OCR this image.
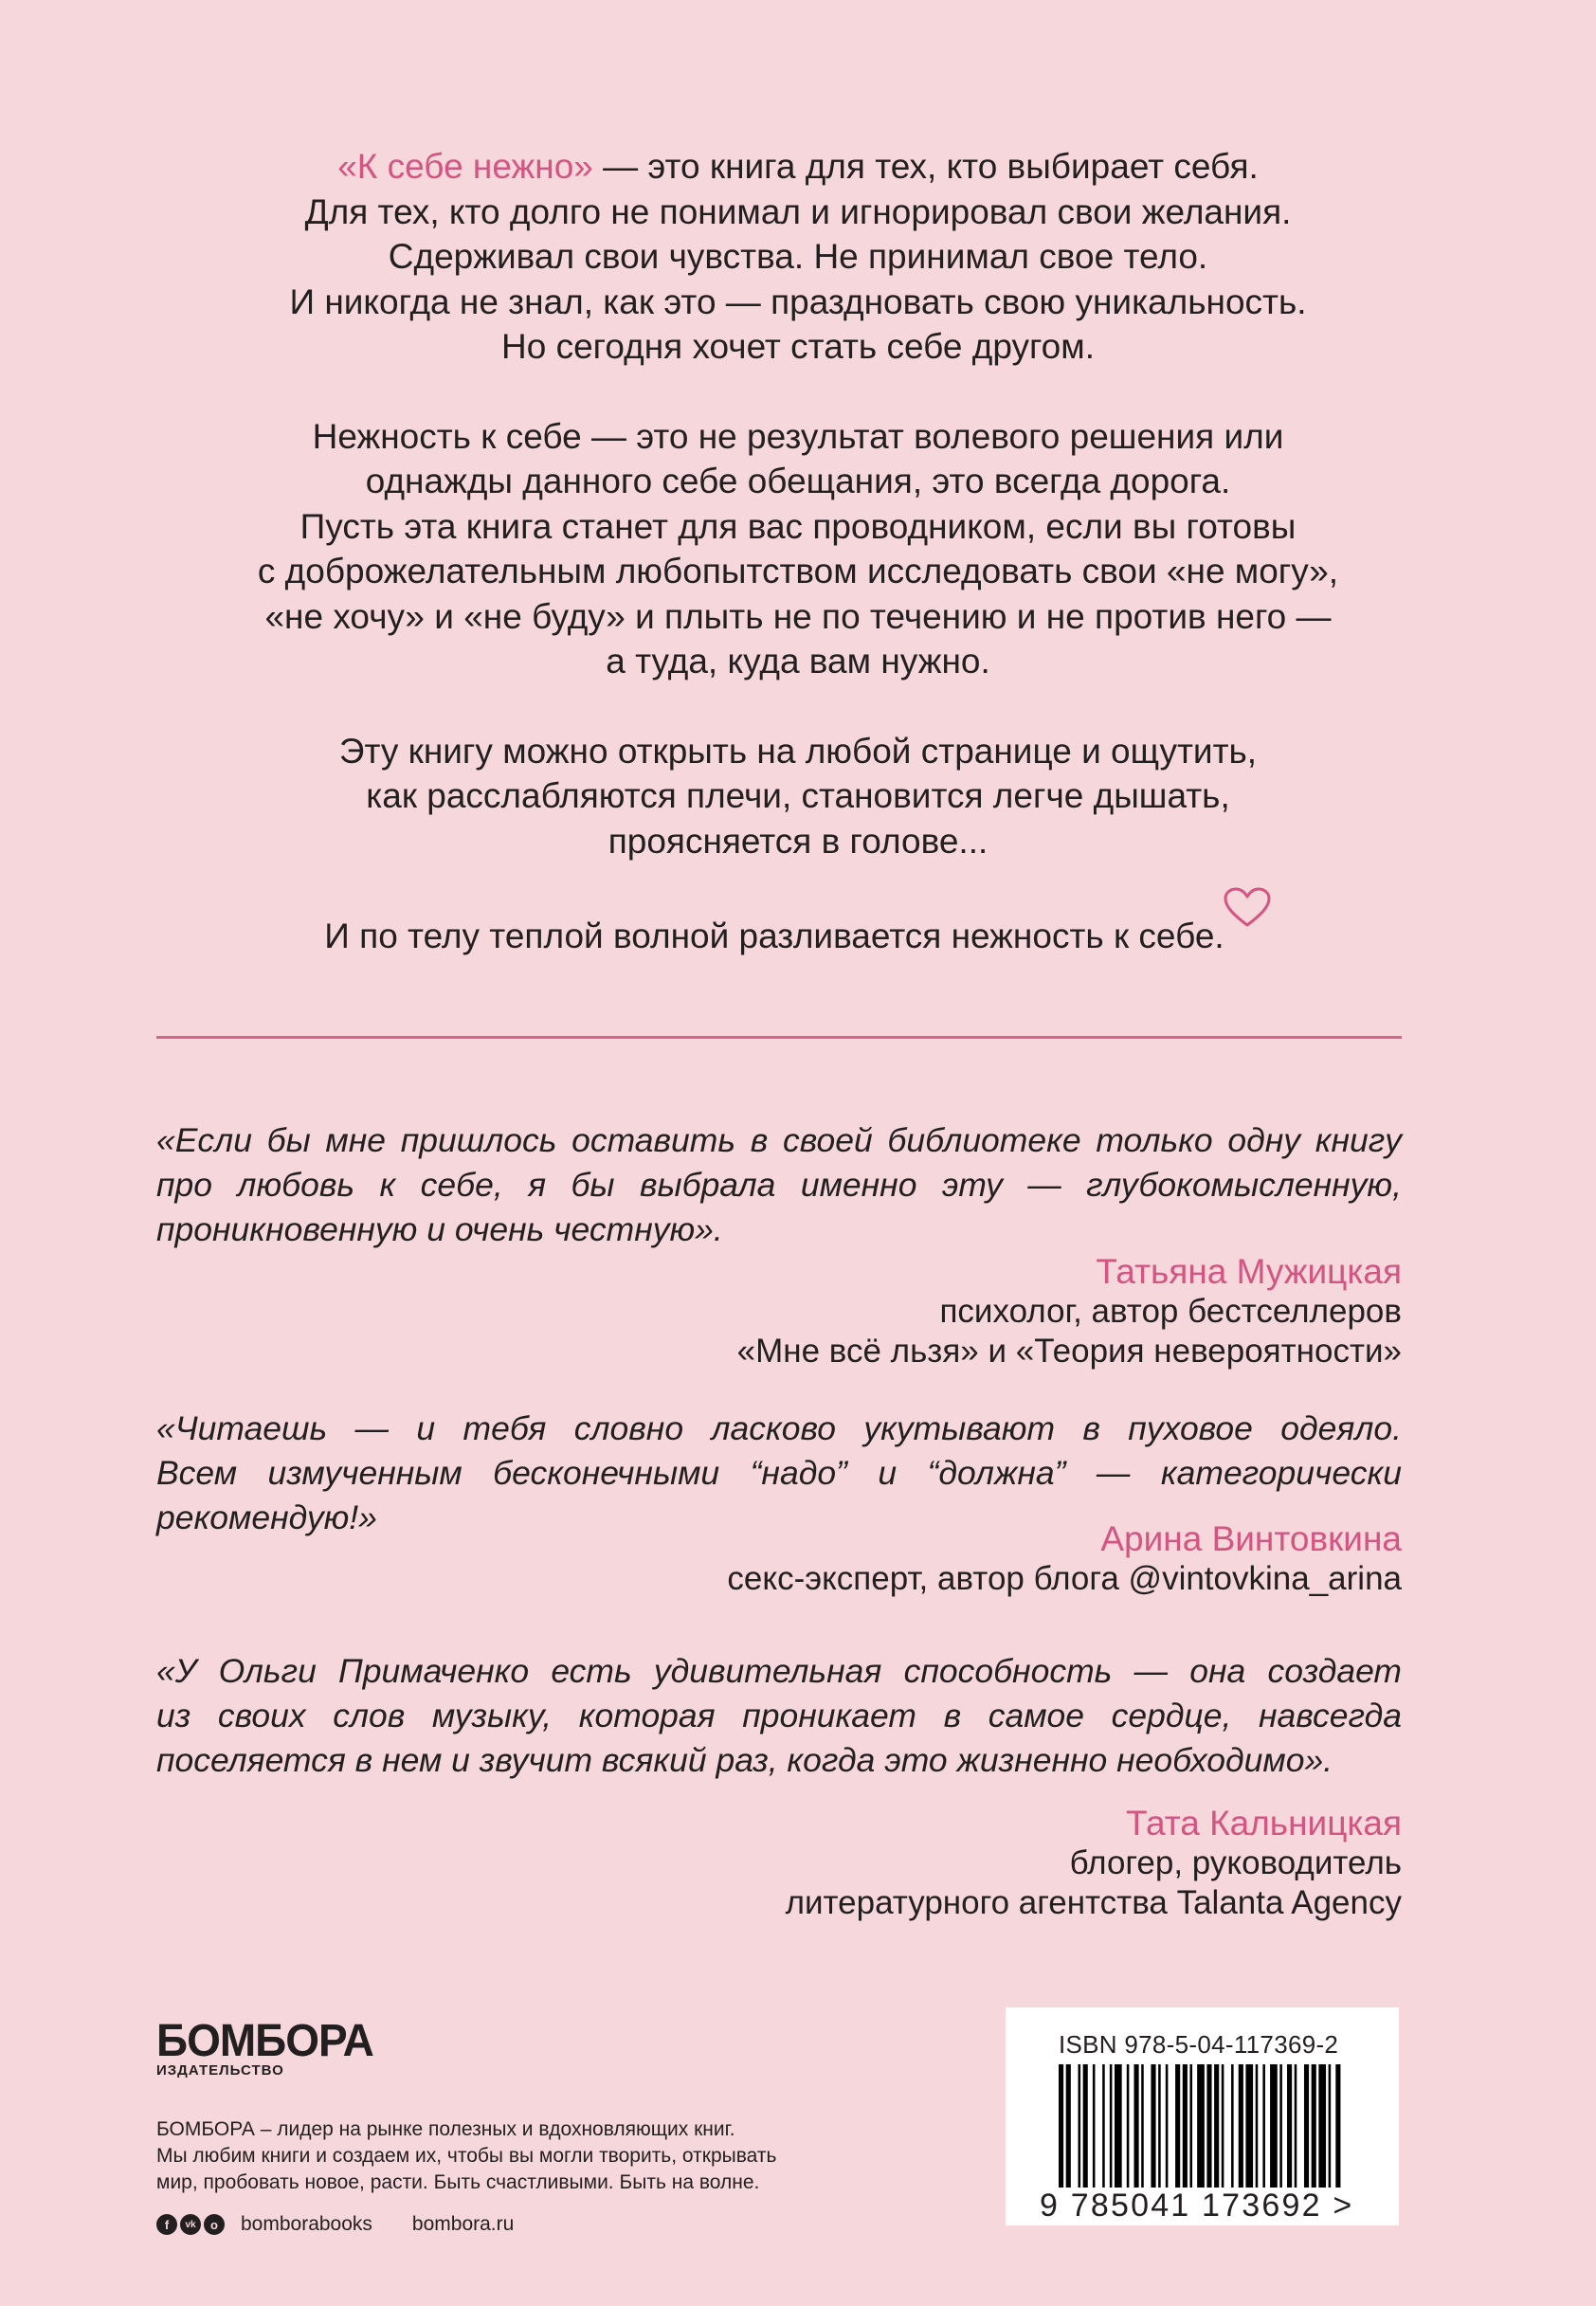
«К себе нежно» — это книга для тех, кто выбирает себя.
Для тех, кто долго не понимал и игнорировал свои желания.
Сдерживал свои чувства. Не принимал свое тело.
И никогда не знал, как это — праздновать свою уникальность.
Но сегодня хочет стать себе другом.

Нежность к себе — это не результат волевого решения или
однажды данного себе обещания, это всегда дорога.
Пусть эта книга станет для вас проводником, если вы готовы
с доброжелательным любопытством исследовать свои «не могу»,
«не хочу» и «не буду» и плыть не по течению и не против него —
а туда, куда вам нужно.

Эту книгу можно открыть на любой странице и ощутить,
как расслабляются плечи, становится легче дышать,
проясняется в голове...

И по телу теплой волной разливается нежность к себе.

«Если бы мне пришлось оставить в своей библиотеке только одну книгу
про любовь к себе, я бы выбрала именно эту — глубокомысленную,
проникновенную и очень честную».
Татьяна Мужицкая
психолог, автор бестселлеров
«Мне всё льзя» и «Теория невероятности»
«Читаешь — и тебя словно ласково укутывают в пуховое одеяло.
Всем измученным бесконечными “надо” и “должна” — категорически
рекомендую!»
Арина Винтовкина
секс-эксперт, автор блога @vintovkina_arina
«У Ольги Примаченко есть удивительная способность — она создает
из своих слов музыку, которая проникает в самое сердце, навсегда
поселяется в нем и звучит всякий раз, когда это жизненно необходимо».
Тата Кальницкая
блогер, руководитель
литературного агентства Talanta Agency
БОМБОРА
ИЗДАТЕЛЬСТВО
БОМБОРА – лидер на рынке полезных и вдохновляющих книг.
Мы любим книги и создаем их, чтобы вы могли творить, открывать
мир, пробовать новое, расти. Быть счастливыми. Быть на волне.
f	vk	o	bomborabooks bombora.ru
ISBN 978-5-04-117369-2
9 785041 173692 >
